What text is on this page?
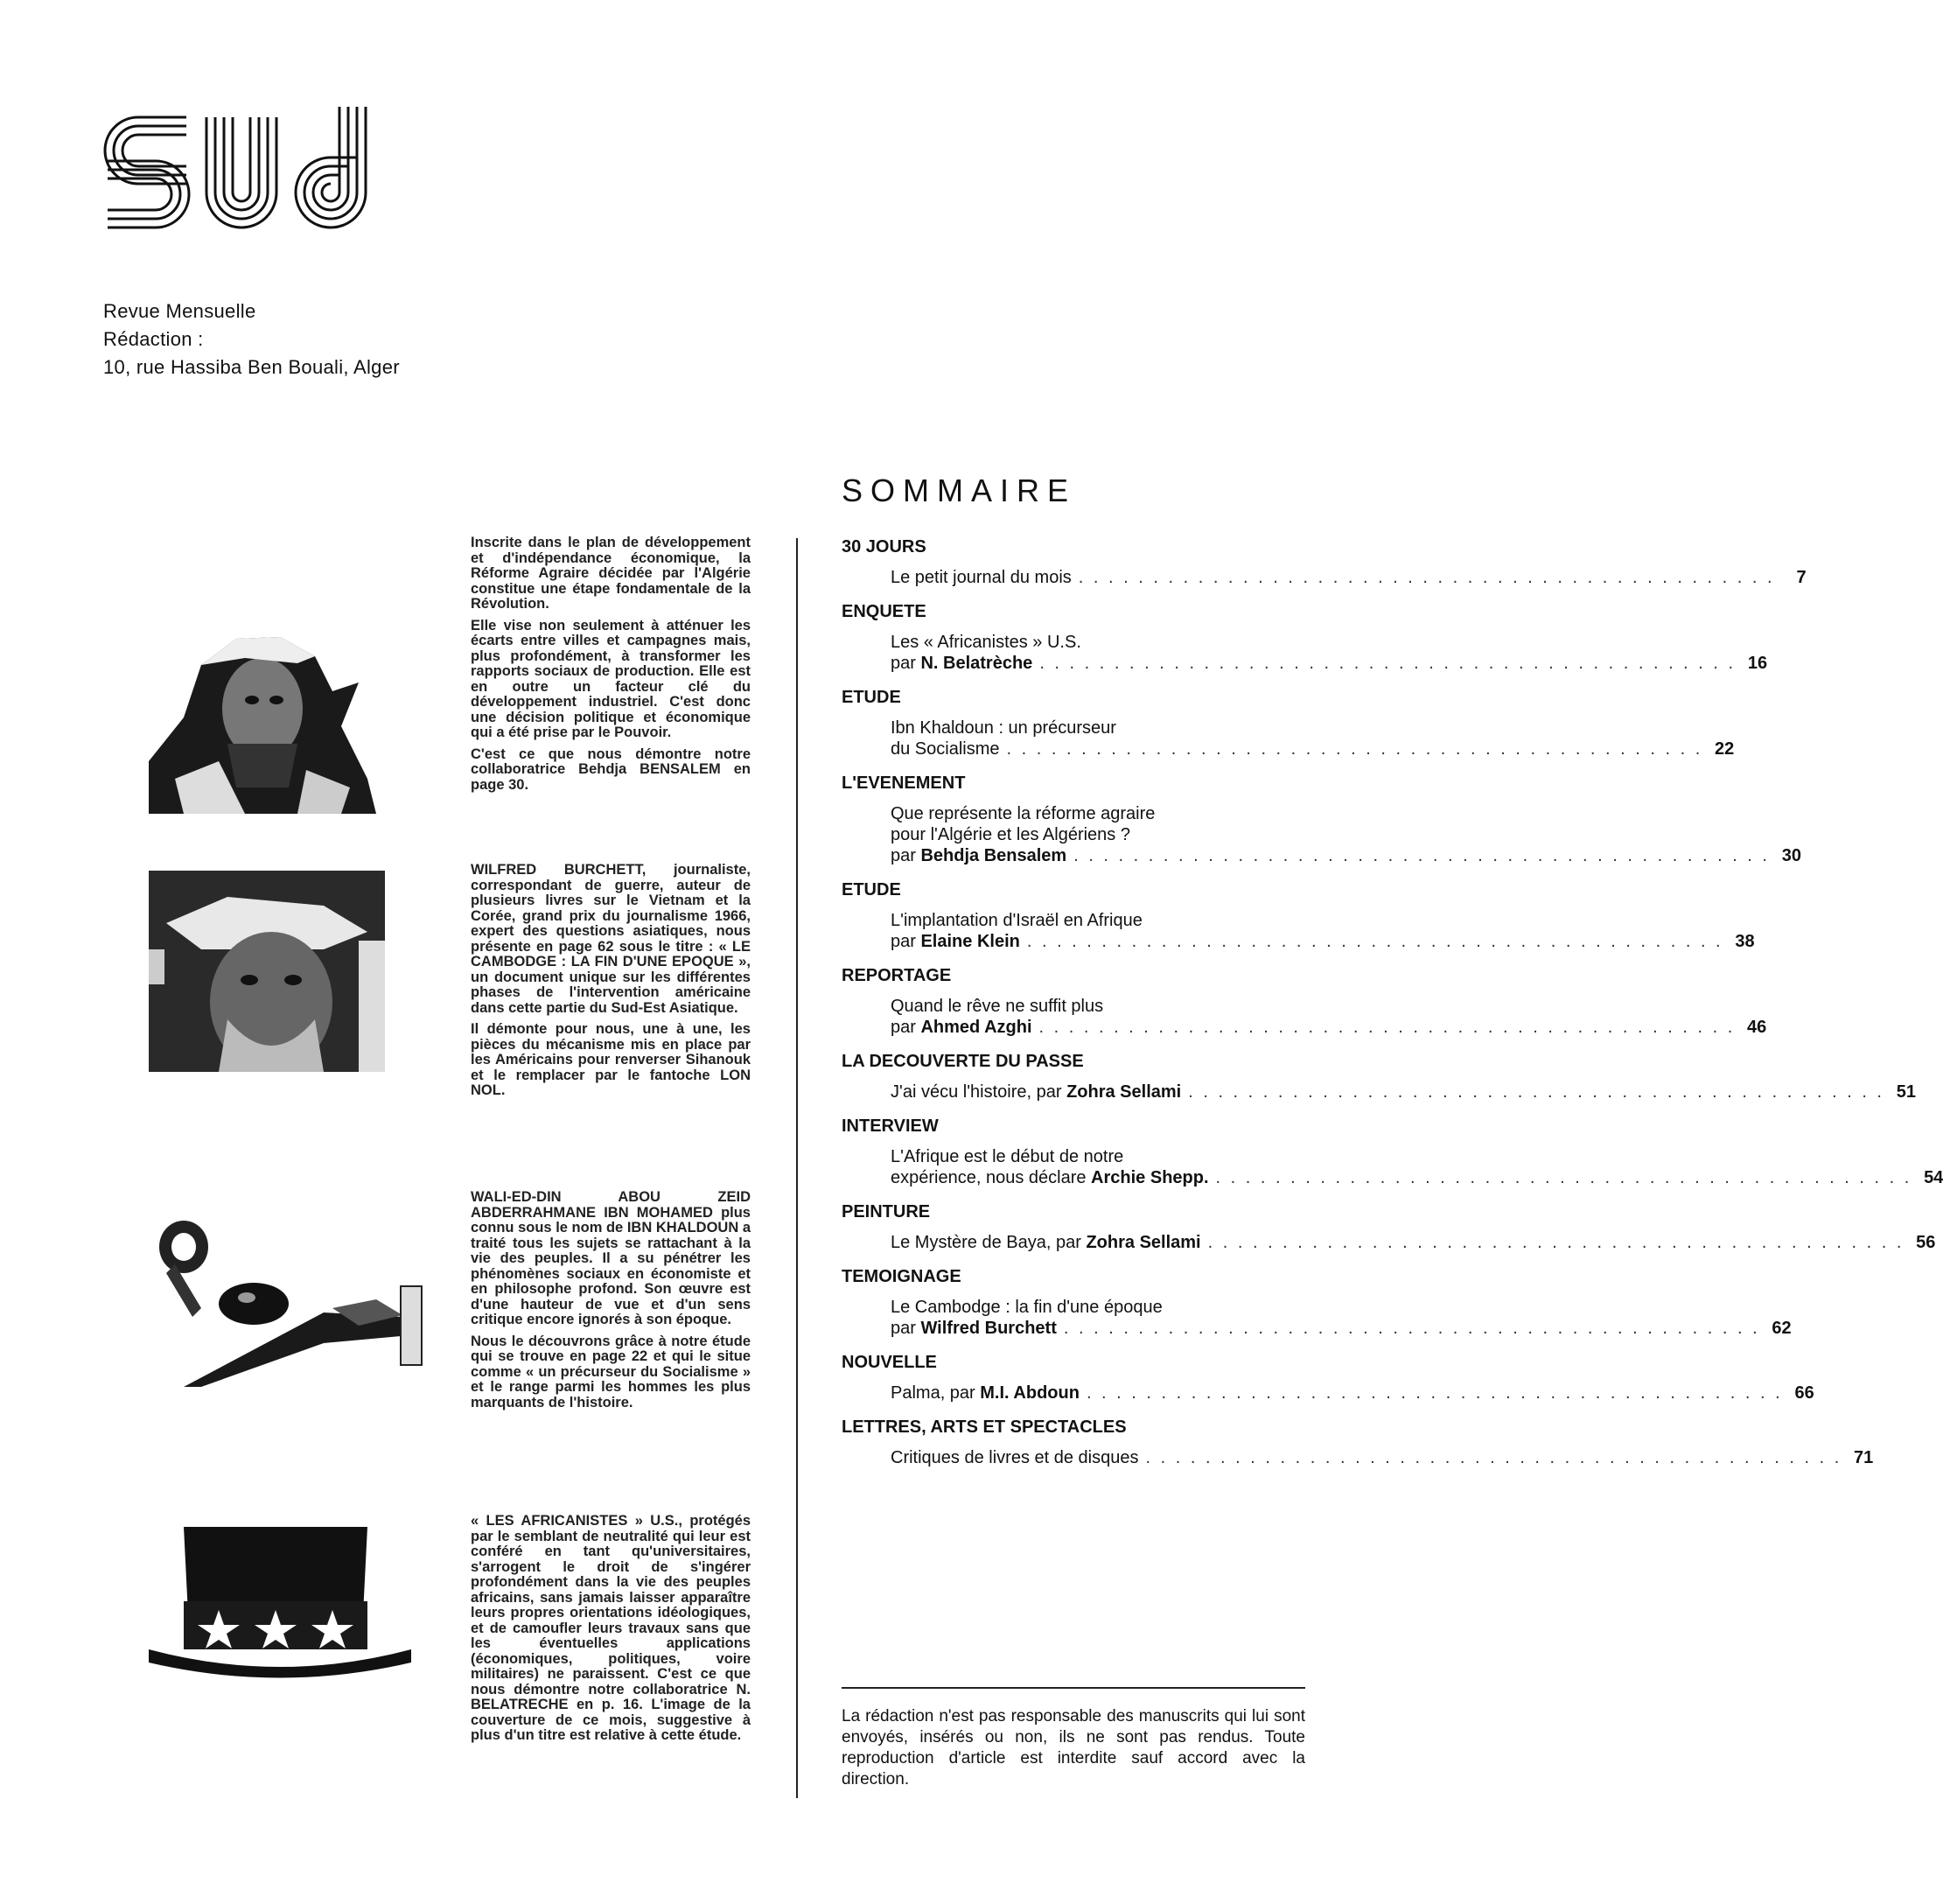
Revue Mensuelle
Rédaction :
10, rue Hassiba Ben Bouali, Alger
SOMMAIRE

Inscrite dans le plan de développement et d'indépendance économique, la Réforme Agraire décidée par l'Algérie constitue une étape fondamentale de la Révolution.

Elle vise non seulement à atténuer les écarts entre villes et campagnes mais, plus profondément, à transformer les rapports sociaux de production. Elle est en outre un facteur clé du développement industriel. C'est donc une décision politique et économique qui a été prise par le Pouvoir.

C'est ce que nous démontre notre collaboratrice Behdja BENSALEM en page 30.

WILFRED BURCHETT, journaliste, correspondant de guerre, auteur de plusieurs livres sur le Vietnam et la Corée, grand prix du journalisme 1966, expert des questions asiatiques, nous présente en page 62 sous le titre : « LE CAMBODGE : LA FIN D'UNE EPOQUE », un document unique sur les différentes phases de l'intervention américaine dans cette partie du Sud-Est Asiatique.

Il démonte pour nous, une à une, les pièces du mécanisme mis en place par les Américains pour renverser Sihanouk et le remplacer par le fantoche LON NOL.

WALI-ED-DIN ABOU ZEID ABDERRAHMANE IBN MOHAMED plus connu sous le nom de IBN KHALDOUN a traité tous les sujets se rattachant à la vie des peuples. Il a su pénétrer les phénomènes sociaux en économiste et en philosophe profond. Son œuvre est d'une hauteur de vue et d'un sens critique encore ignorés à son époque.

Nous le découvrons grâce à notre étude qui se trouve en page 22 et qui le situe comme « un précurseur du Socialisme » et le range parmi les hommes les plus marquants de l'histoire.

« LES AFRICANISTES » U.S., protégés par le semblant de neutralité qui leur est conféré en tant qu'universitaires, s'arrogent le droit de s'ingérer profondément dans la vie des peuples africains, sans jamais laisser apparaître leurs propres orientations idéologiques, et de camoufler leurs travaux sans que les éventuelles applications (économiques, politiques, voire militaires) ne paraissent. C'est ce que nous démontre notre collaboratrice N. BELATRECHE en p. 16. L'image de la couverture de ce mois, suggestive à plus d'un titre est relative à cette étude.

30 JOURS
Le petit journal du mois . . . . . . . . . . . . . . . . . . . . . . . . . . . . . . . . . . . . . . . . . . . . . . .	7
ENQUETE
Les « Africanistes » U.S.
par N. Belatrèche . . . . . . . . . . . . . . . . . . . . . . . . . . . . . . . . . . . . . . . . . . . . . . . 16
ETUDE
Ibn Khaldoun : un précurseur
du Socialisme . . . . . . . . . . . . . . . . . . . . . . . . . . . . . . . . . . . . . . . . . . . . . . . 22
L'EVENEMENT
Que représente la réforme agraire
pour l'Algérie et les Algériens ?
par Behdja Bensalem . . . . . . . . . . . . . . . . . . . . . . . . . . . . . . . . . . . . . . . . . . . . . . . 30
ETUDE
L'implantation d'Israël en Afrique
par Elaine Klein . . . . . . . . . . . . . . . . . . . . . . . . . . . . . . . . . . . . . . . . . . . . . . . 38
REPORTAGE
Quand le rêve ne suffit plus
par Ahmed Azghi . . . . . . . . . . . . . . . . . . . . . . . . . . . . . . . . . . . . . . . . . . . . . . . 46
LA DECOUVERTE DU PASSE
J'ai vécu l'histoire, par Zohra Sellami . . . . . . . . . . . . . . . . . . . . . . . . . . . . . . . . . . . . . . . . . . . . . . . 51
INTERVIEW
L'Afrique est le début de notre
expérience, nous déclare Archie Shepp. . . . . . . . . . . . . . . . . . . . . . . . . . . . . . . . . . . . . . . . . . . . . . . . 54
PEINTURE
Le Mystère de Baya, par Zohra Sellami . . . . . . . . . . . . . . . . . . . . . . . . . . . . . . . . . . . . . . . . . . . . . . . 56
TEMOIGNAGE
Le Cambodge : la fin d'une époque
par Wilfred Burchett . . . . . . . . . . . . . . . . . . . . . . . . . . . . . . . . . . . . . . . . . . . . . . . 62
NOUVELLE
Palma, par M.I. Abdoun . . . . . . . . . . . . . . . . . . . . . . . . . . . . . . . . . . . . . . . . . . . . . . . 66
LETTRES, ARTS ET SPECTACLES
Critiques de livres et de disques . . . . . . . . . . . . . . . . . . . . . . . . . . . . . . . . . . . . . . . . . . . . . . . 71
La rédaction n'est pas responsable des manuscrits qui lui sont envoyés, insérés ou non, ils ne sont pas rendus. Toute reproduction d'article est interdite sauf accord avec la direction.
